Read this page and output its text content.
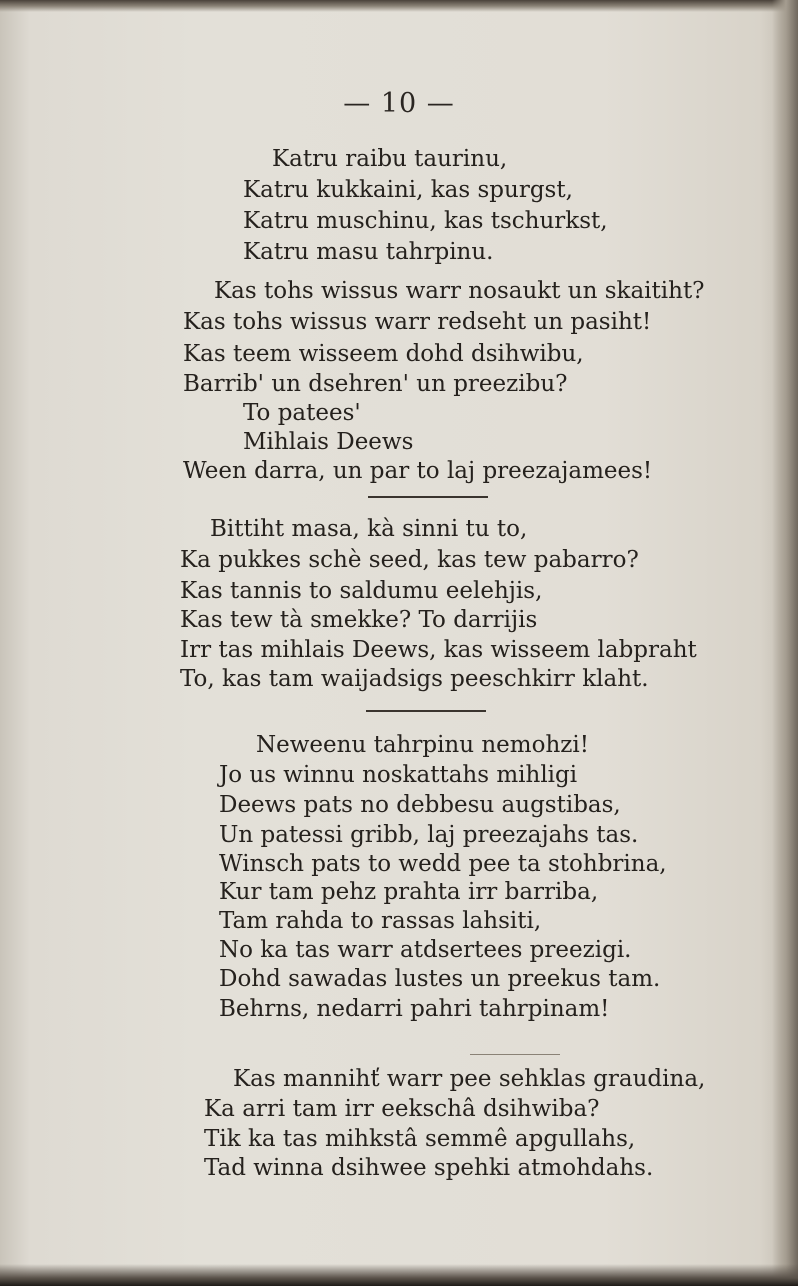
— 10 —
Katru raibu taurinu,
Katru kukkaini, kas spurgst,
Katru muschinu, kas tschurkst,
Katru masu tahrpinu.
Kas tohs wissus warr nosaukt un skaitiht?
Kas tohs wissus warr redseht un pasiht!
Kas teem wisseem dohd dsihwibu,
Barrib' un dsehren' un preezibu?
To patees'
Mihlais Deews
Ween darra, un par to laj preezajamees!
Bittiht masa, kà sinni tu to,
Ka pukkes schè seed, kas tew pabarro?
Kas tannis to saldumu eelehjis,
Kas tew tà smekke? To darrijis
Irr tas mihlais Deews, kas wisseem labpraht
To, kas tam waijadsigs peeschkirr klaht.
Neweenu tahrpinu nemohzi!
Jo us winnu noskattahs mihligi
Deews pats no debbesu augstibas,
Un patessi gribb, laj preezajahs tas.
Winsch pats to wedd pee ta stohbrina,
Kur tam pehz prahta irr barriba,
Tam rahda to rassas lahsiti,
No ka tas warr atdsertees preezigi.
Dohd sawadas lustes un preekus tam.
Behrns, nedarri pahri tahrpinam!
Kas mannihť warr pee sehklas graudina,
Ka arri tam irr eekschâ dsihwiba?
Tik ka tas mihkstâ semmê apgullahs,
Tad winna dsihwee spehki atmohdahs.
